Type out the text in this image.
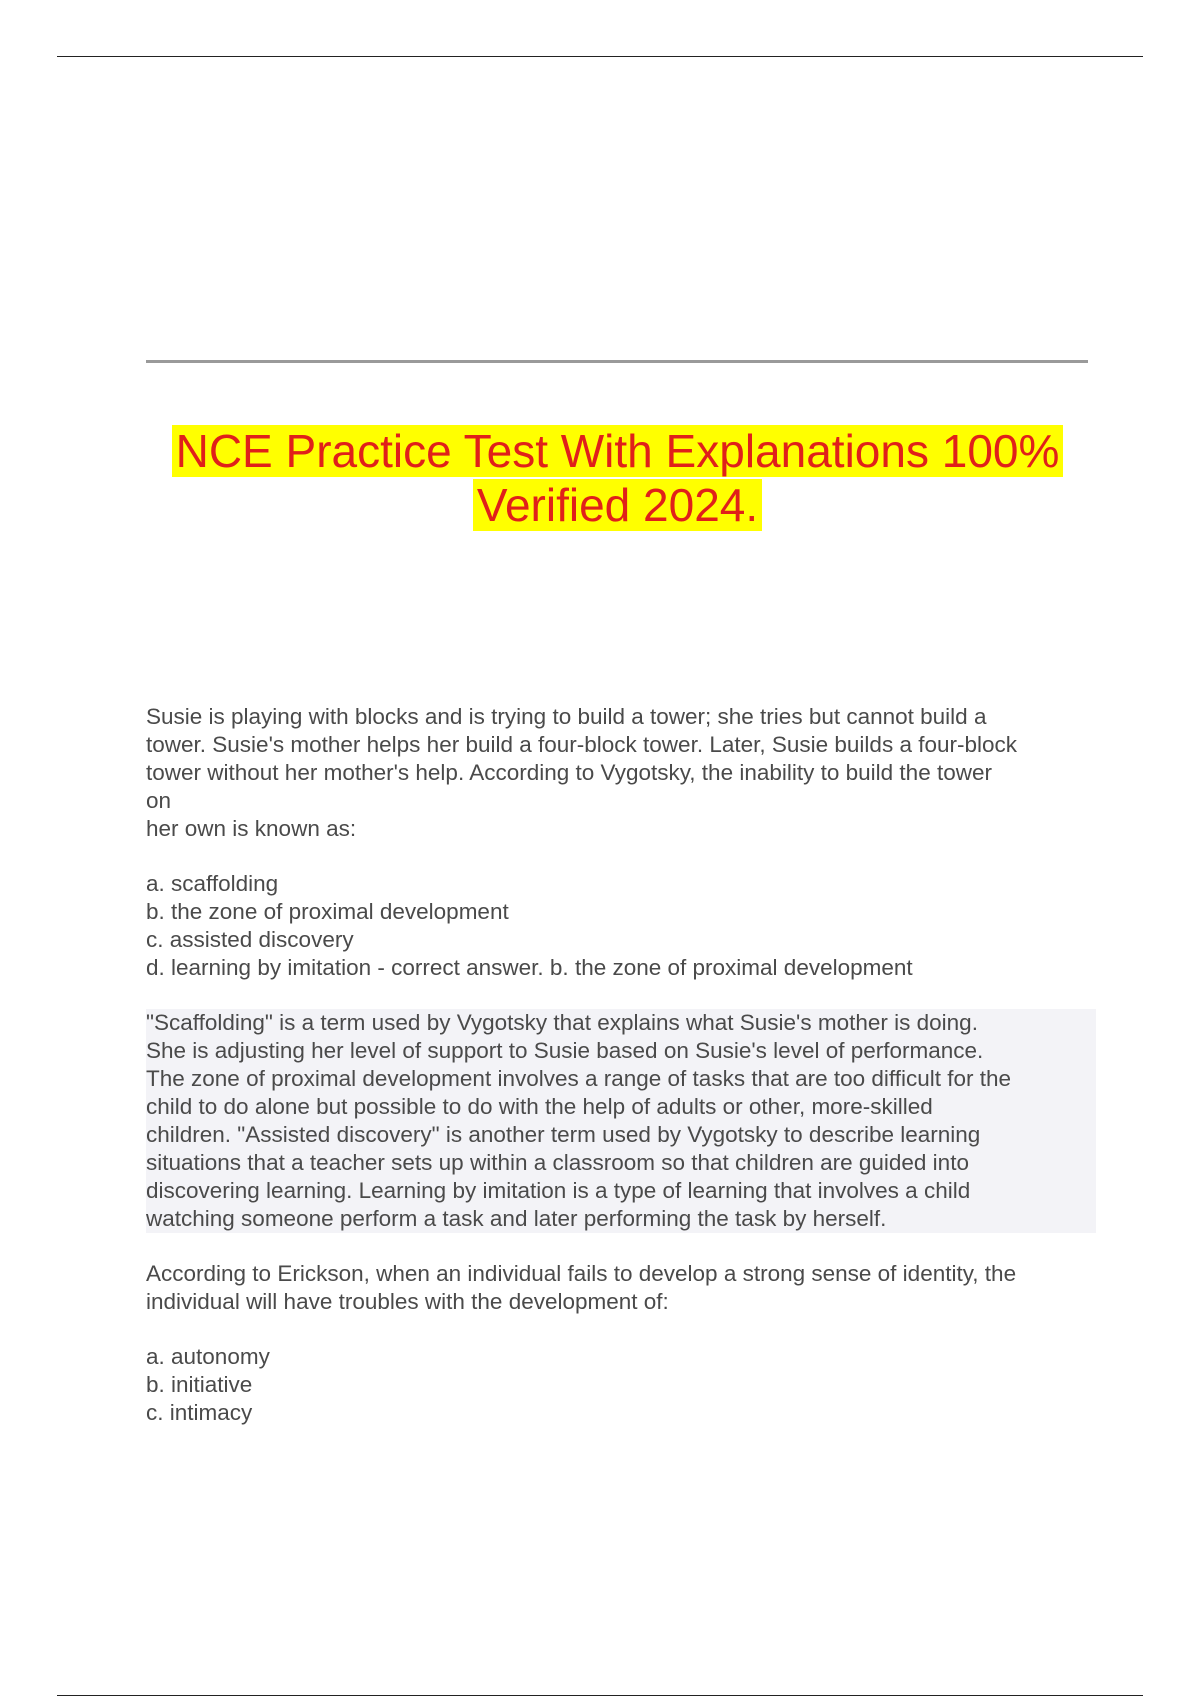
NCE Practice Test With Explanations 100%
Verified 2024.

Susie is playing with blocks and is trying to build a tower; she tries but cannot build a

tower. Susie's mother helps her build a four-block tower. Later, Susie builds a four-block

tower without her mother's help. According to Vygotsky, the inability to build the tower

on

her own is known as:

a. scaffolding

b. the zone of proximal development

c. assisted discovery

d. learning by imitation - correct answer. b. the zone of proximal development

"Scaffolding" is a term used by Vygotsky that explains what Susie's mother is doing.

She is adjusting her level of support to Susie based on Susie's level of performance.

The zone of proximal development involves a range of tasks that are too difficult for the

child to do alone but possible to do with the help of adults or other, more-skilled

children. "Assisted discovery" is another term used by Vygotsky to describe learning

situations that a teacher sets up within a classroom so that children are guided into

discovering learning. Learning by imitation is a type of learning that involves a child

watching someone perform a task and later performing the task by herself.

According to Erickson, when an individual fails to develop a strong sense of identity, the

individual will have troubles with the development of:

a. autonomy

b. initiative

c. intimacy
